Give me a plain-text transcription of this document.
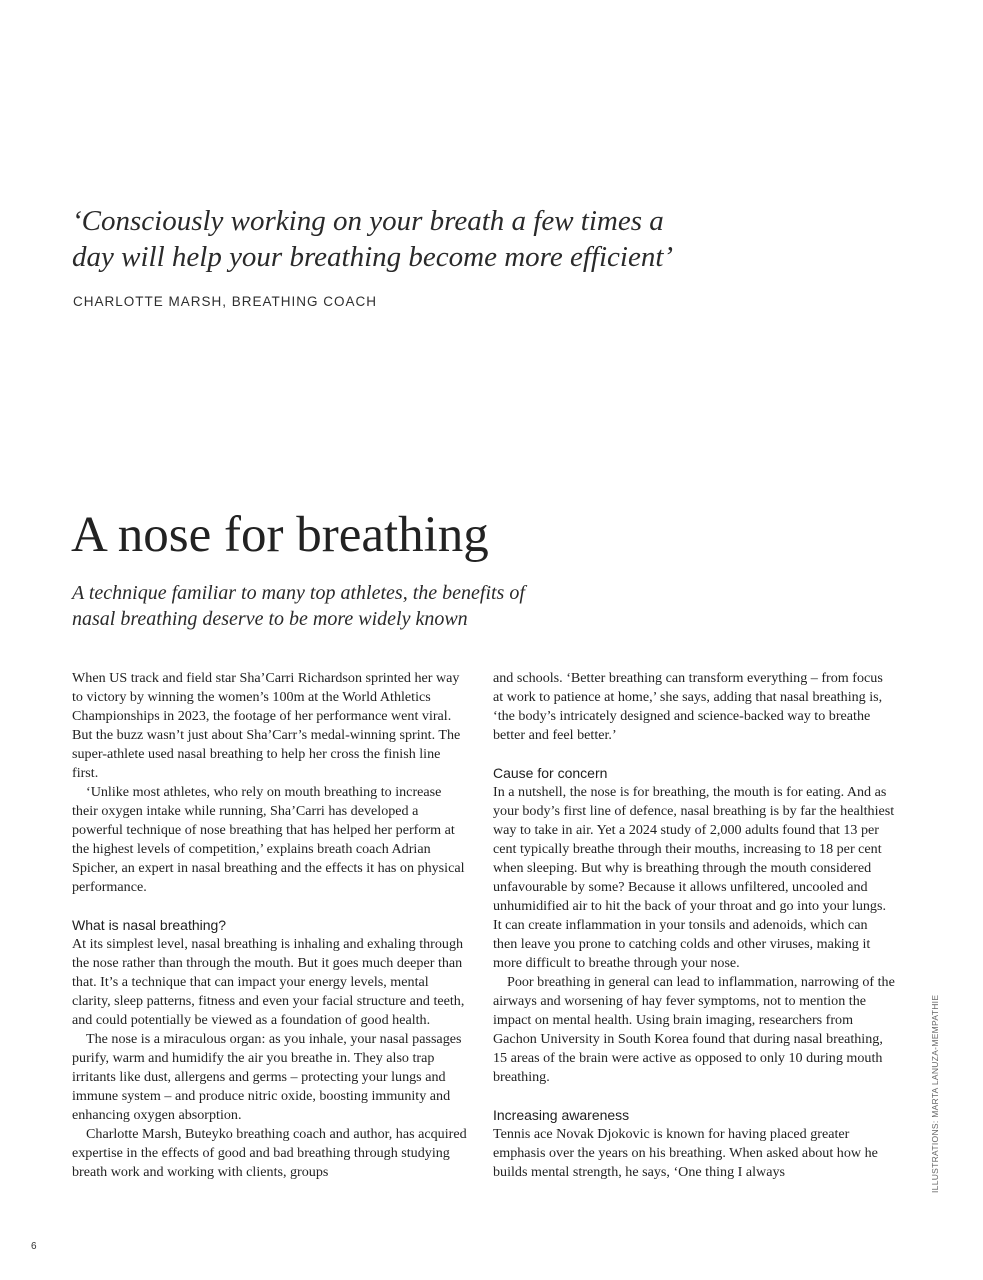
‘Consciously working on your breath a few times a day will help your breathing become more efficient’

CHARLOTTE MARSH, BREATHING COACH
A nose for breathing

A technique familiar to many top athletes, the benefits of nasal breathing deserve to be more widely known

When US track and field star Sha’Carri Richardson sprinted her way to victory by winning the women’s 100m at the World Athletics Championships in 2023, the footage of her performance went viral. But the buzz wasn’t just about Sha’Carr’s medal-winning sprint. The super-athlete used nasal breathing to help her cross the finish line first.

‘Unlike most athletes, who rely on mouth breathing to increase their oxygen intake while running, Sha’Carri has developed a powerful technique of nose breathing that has helped her perform at the highest levels of competition,’ explains breath coach Adrian Spicher, an expert in nasal breathing and the effects it has on physical performance.

What is nasal breathing?

At its simplest level, nasal breathing is inhaling and exhaling through the nose rather than through the mouth. But it goes much deeper than that. It’s a technique that can impact your energy levels, mental clarity, sleep patterns, fitness and even your facial structure and teeth, and could potentially be viewed as a foundation of good health.

The nose is a miraculous organ: as you inhale, your nasal passages purify, warm and humidify the air you breathe in. They also trap irritants like dust, allergens and germs – protecting your lungs and immune system – and produce nitric oxide, boosting immunity and enhancing oxygen absorption.

Charlotte Marsh, Buteyko breathing coach and author, has acquired expertise in the effects of good and bad breathing through studying breath work and working with clients, groups

and schools. ‘Better breathing can transform everything – from focus at work to patience at home,’ she says, adding that nasal breathing is, ‘the body’s intricately designed and science-backed way to breathe better and feel better.’

Cause for concern

In a nutshell, the nose is for breathing, the mouth is for eating. And as your body’s first line of defence, nasal breathing is by far the healthiest way to take in air. Yet a 2024 study of 2,000 adults found that 13 per cent typically breathe through their mouths, increasing to 18 per cent when sleeping. But why is breathing through the mouth considered unfavourable by some? Because it allows unfiltered, uncooled and unhumidified air to hit the back of your throat and go into your lungs. It can create inflammation in your tonsils and adenoids, which can then leave you prone to catching colds and other viruses, making it more difficult to breathe through your nose.

Poor breathing in general can lead to inflammation, narrowing of the airways and worsening of hay fever symptoms, not to mention the impact on mental health. Using brain imaging, researchers from Gachon University in South Korea found that during nasal breathing, 15 areas of the brain were active as opposed to only 10 during mouth breathing.

Increasing awareness

Tennis ace Novak Djokovic is known for having placed greater emphasis over the years on his breathing. When asked about how he builds mental strength, he says, ‘One thing I always	ILLUSTRATIONS: MARTA LANUZA-MEMPATHIE
6
